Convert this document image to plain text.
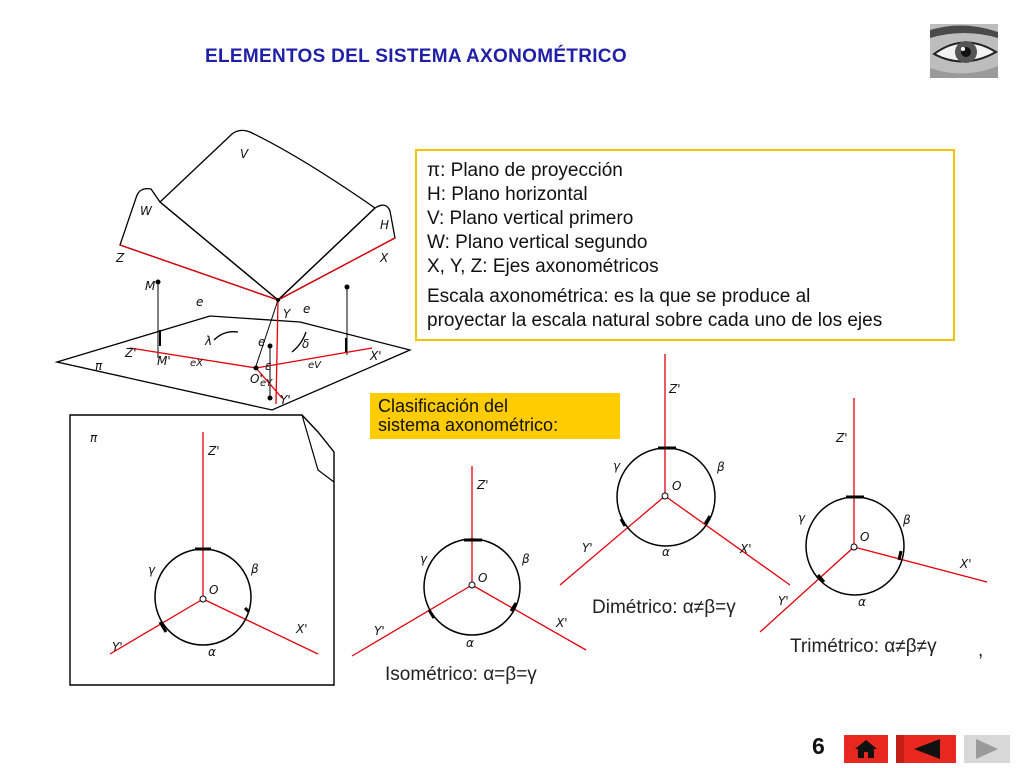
ELEMENTOS DEL SISTEMA AXONOMÉTRICO
V
W
H
Z	X
Y
M
e	e
e
λ	δ
ε
Z'
M'	X'
π	eX	eV
O'
eY
Y'
π
Z'
O
γ	β
α
Y'
X'
Z'
O
γ	β
α
Y'
X'
Z'
O
γ	β
α
Y'	X'
Z'
O
γ	β
α
Y'
X'
π: Plano de proyección
H: Plano horizontal
V: Plano vertical primero
W: Plano vertical segundo
X, Y, Z: Ejes axonométricos
Escala axonométrica: es la que se produce al
proyectar la escala natural sobre cada uno de los ejes
Clasificación del
sistema axonométrico:
Isométrico: α=β=γ
Dimétrico: α≠β=γ
Trimétrico: α≠β≠γ ,
6
